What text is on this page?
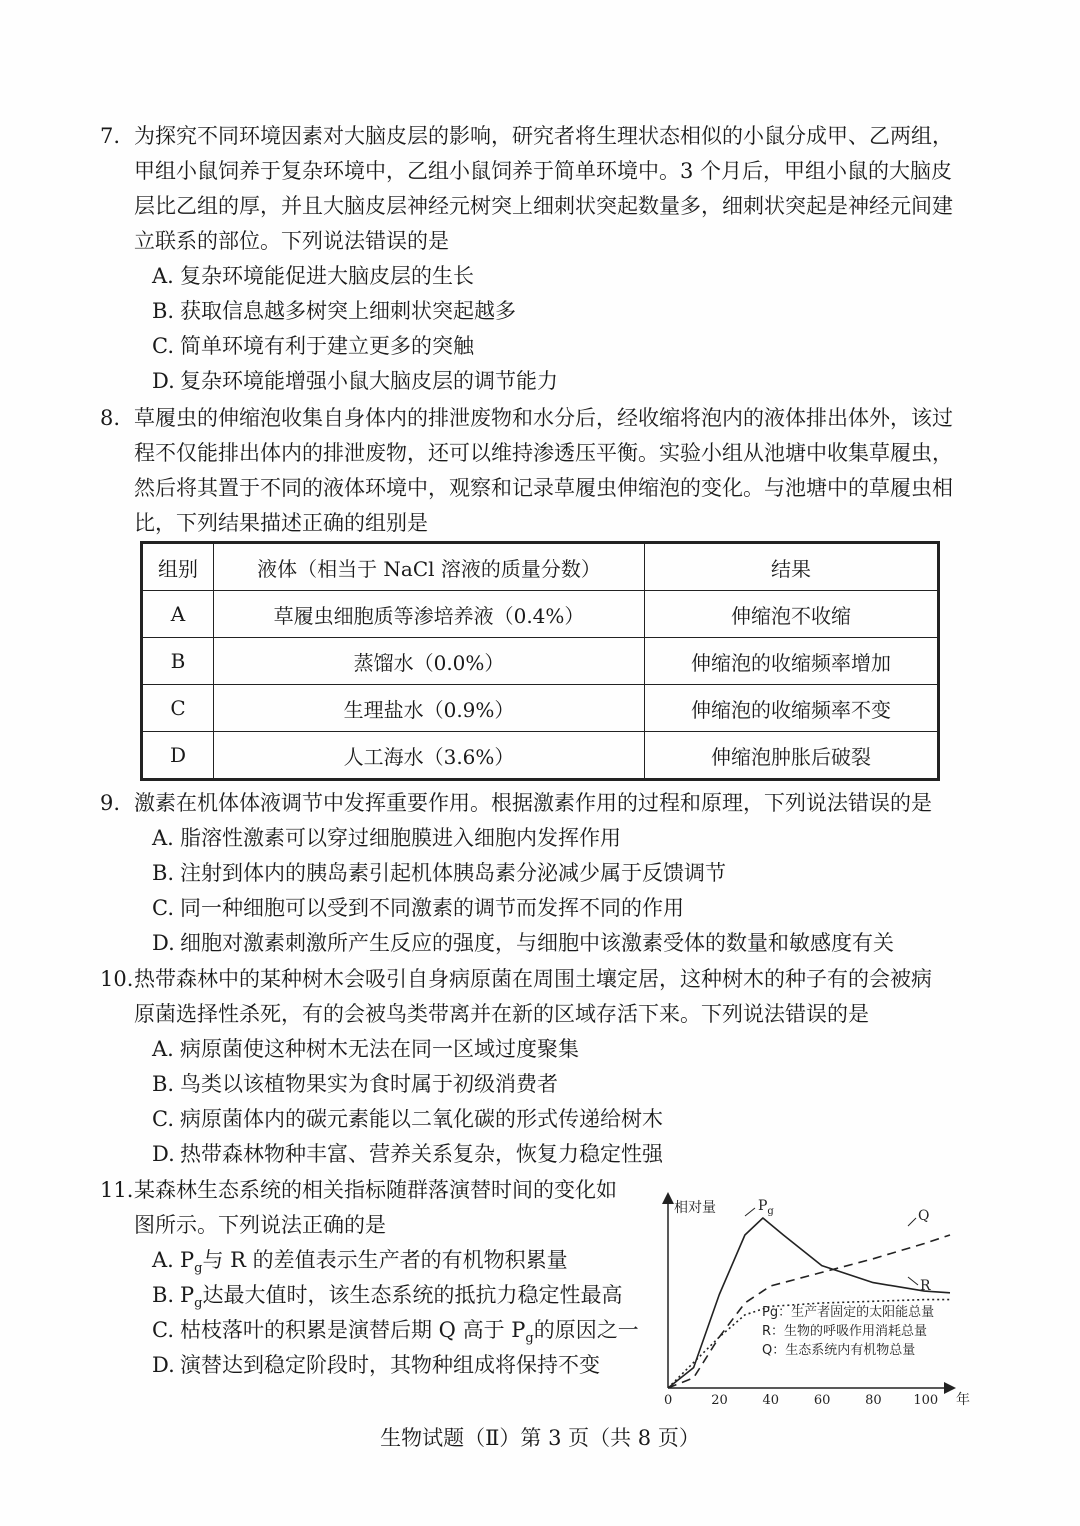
7. 为探究不同环境因素对大脑皮层的影响，研究者将生理状态相似的小鼠分成甲、乙两组，
甲组小鼠饲养于复杂环境中，乙组小鼠饲养于简单环境中。3 个月后，甲组小鼠的大脑皮
层比乙组的厚，并且大脑皮层神经元树突上细刺状突起数量多，细刺状突起是神经元间建
立联系的部位。下列说法错误的是
A. 复杂环境能促进大脑皮层的生长
B. 获取信息越多树突上细刺状突起越多
C. 简单环境有利于建立更多的突触
D. 复杂环境能增强小鼠大脑皮层的调节能力
8. 草履虫的伸缩泡收集自身体内的排泄废物和水分后，经收缩将泡内的液体排出体外，该过
程不仅能排出体内的排泄废物，还可以维持渗透压平衡。实验小组从池塘中收集草履虫，
然后将其置于不同的液体环境中，观察和记录草履虫伸缩泡的变化。与池塘中的草履虫相
比，下列结果描述正确的组别是
组别	液体（相当于 NaCl 溶液的质量分数）	结果
A	草履虫细胞质等渗培养液（0.4%）	伸缩泡不收缩
B	蒸馏水（0.0%）	伸缩泡的收缩频率增加
C	生理盐水（0.9%）	伸缩泡的收缩频率不变
D	人工海水（3.6%）	伸缩泡肿胀后破裂
9. 激素在机体体液调节中发挥重要作用。根据激素作用的过程和原理，下列说法错误的是
A. 脂溶性激素可以穿过细胞膜进入细胞内发挥作用
B. 注射到体内的胰岛素引起机体胰岛素分泌减少属于反馈调节
C. 同一种细胞可以受到不同激素的调节而发挥不同的作用
D. 细胞对激素刺激所产生反应的强度，与细胞中该激素受体的数量和敏感度有关
10.热带森林中的某种树木会吸引自身病原菌在周围土壤定居，这种树木的种子有的会被病
原菌选择性杀死，有的会被鸟类带离并在新的区域存活下来。下列说法错误的是
A. 病原菌使这种树木无法在同一区域过度聚集
B. 鸟类以该植物果实为食时属于初级消费者
C. 病原菌体内的碳元素能以二氧化碳的形式传递给树木
D. 热带森林物种丰富、营养关系复杂，恢复力稳定性强
11.某森林生态系统的相关指标随群落演替时间的变化如
图所示。下列说法正确的是
A. $P_g$与 R 的差值表示生产者的有机物积累量
B. $P_g$达最大值时，该生态系统的抵抗力稳定性最高
C. 枯枝落叶的积累是演替后期 Q 高于 $P_g$的原因之一
D. 演替达到稳定阶段时，其物种组成将保持不变
相对量
年
0	20	40	60	80 100
$P_g$	Q
R
Pg：生产者固定的太阳能总量
R：生物的呼吸作用消耗总量
Q：生态系统内有机物总量
生物试题（Ⅱ）第 3 页（共 8 页）
